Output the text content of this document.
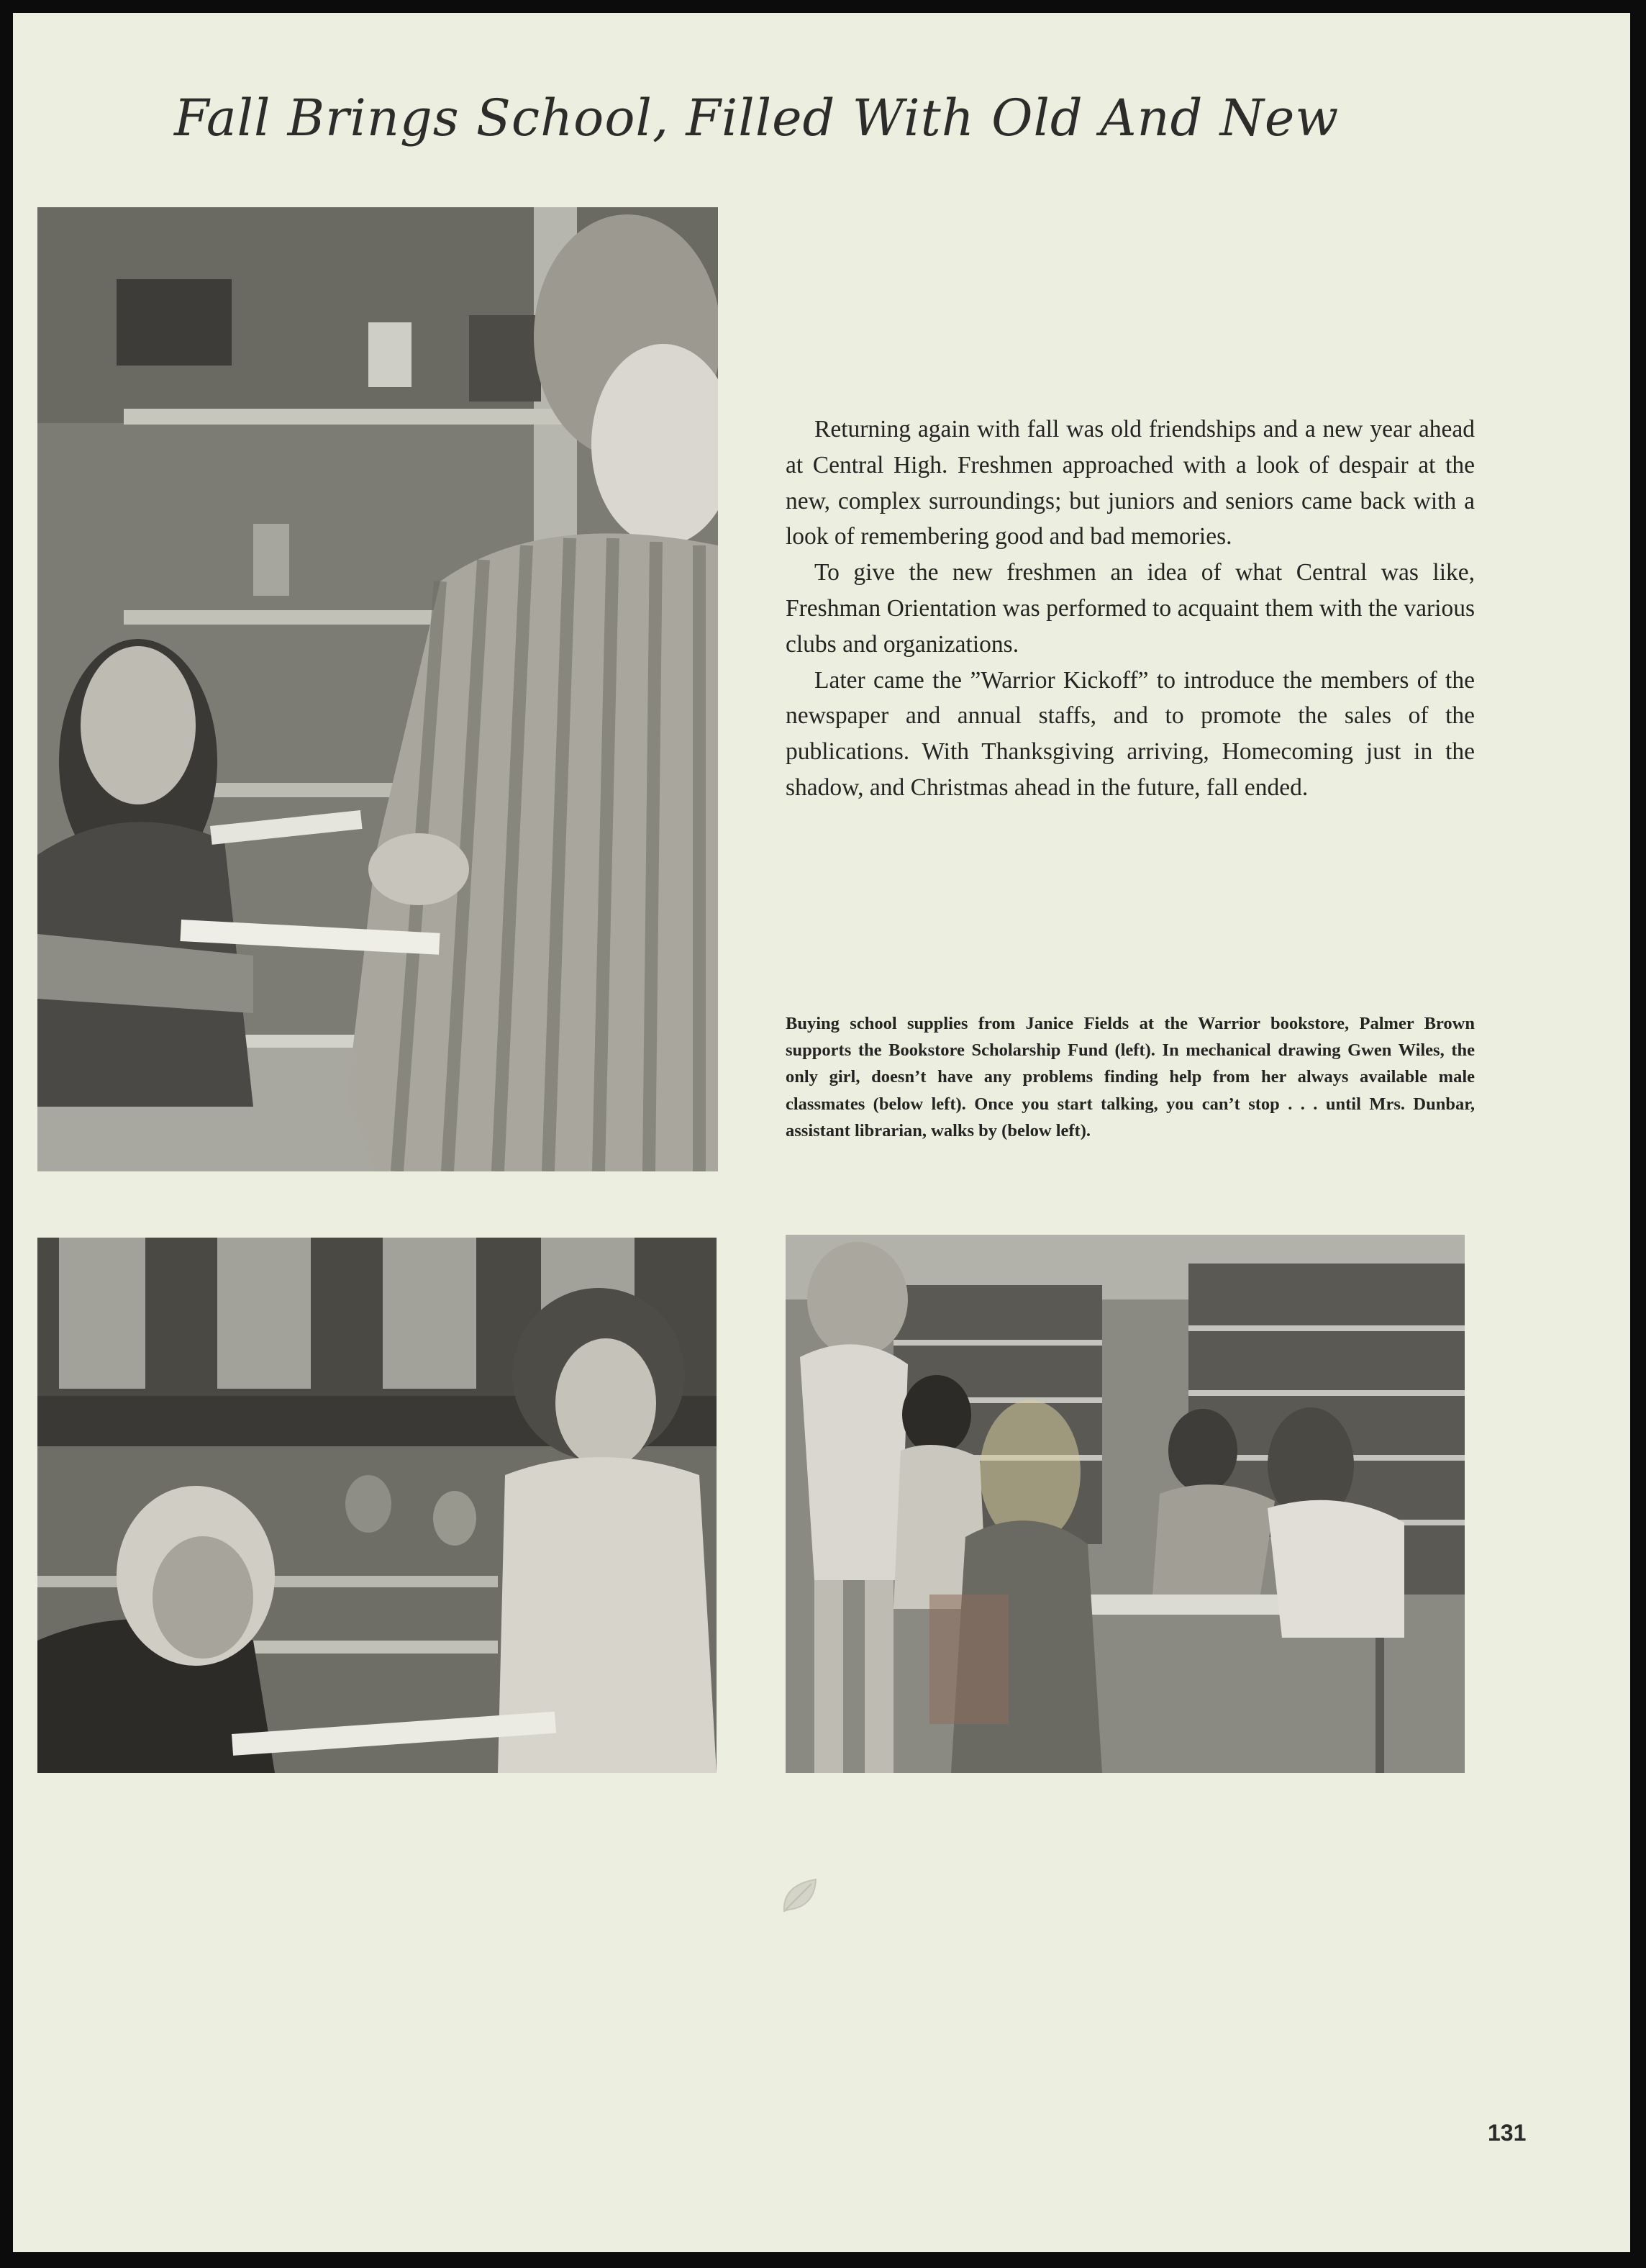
Fall Brings School, Filled With Old And New

Returning again with fall was old friendships and a new year ahead at Central High. Freshmen approached with a look of despair at the new, complex surroundings; but juniors and seniors came back with a look of remembering good and bad memories.

To give the new freshmen an idea of what Central was like, Freshman Orientation was performed to acquaint them with the various clubs and organizations.

Later came the ”Warrior Kickoff” to introduce the members of the newspaper and annual staffs, and to promote the sales of the publications. With Thanksgiving arriving, Homecoming just in the shadow, and Christmas ahead in the future, fall ended.

Buying school supplies from Janice Fields at the Warrior bookstore, Palmer Brown supports the Bookstore Scholarship Fund (left). In mechanical drawing Gwen Wiles, the only girl, doesn’t have any problems finding help from her always available male classmates (below left). Once you start talking, you can’t stop . . . until Mrs. Dunbar, assistant librarian, walks by (below left).

131
